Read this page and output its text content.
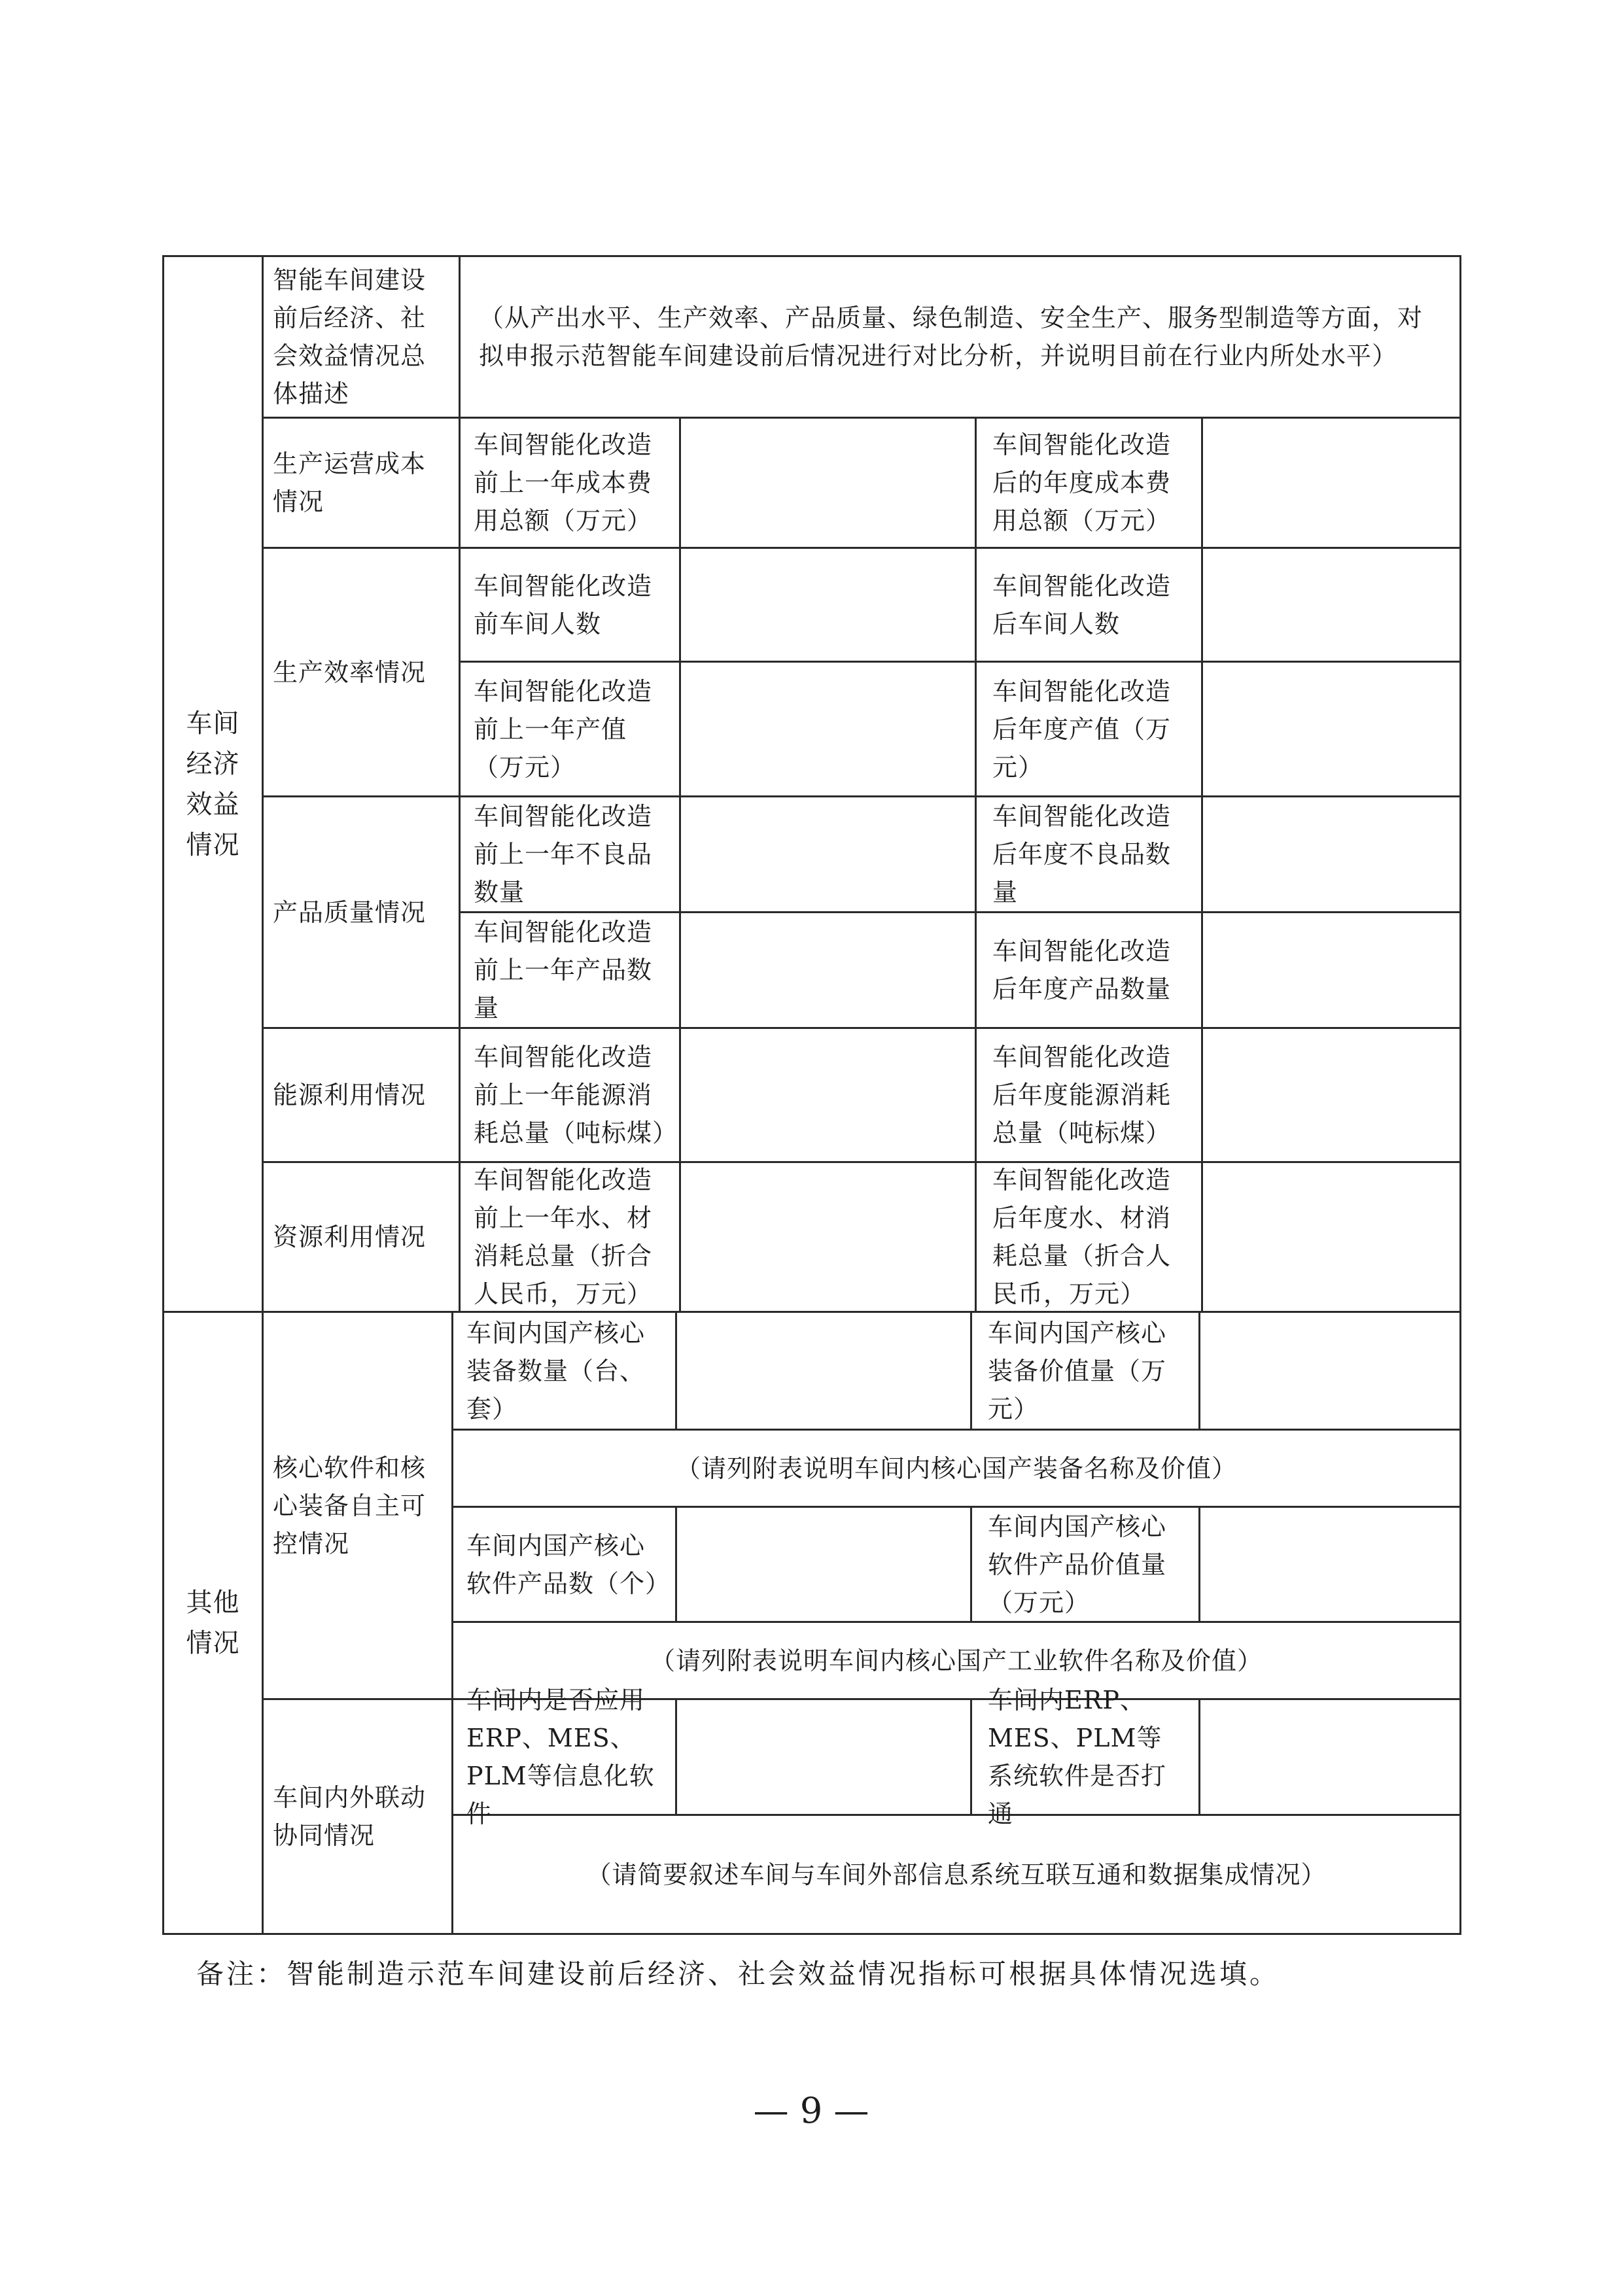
车间
经济
效益
情况
其他
情况
智能车间建设前后经济、社会效益情况总体描述
（从产出水平、生产效率、产品质量、绿色制造、安全生产、服务型制造等方面，对拟申报示范智能车间建设前后情况进行对比分析，并说明目前在行业内所处水平）
生产运营成本情况
车间智能化改造前上一年成本费用总额（万元）
车间智能化改造后的年度成本费用总额（万元）
生产效率情况
车间智能化改造前车间人数
车间智能化改造后车间人数
车间智能化改造前上一年产值（万元）
车间智能化改造后年度产值（万元）
产品质量情况
车间智能化改造前上一年不良品数量
车间智能化改造后年度不良品数量
车间智能化改造前上一年产品数量
车间智能化改造后年度产品数量
能源利用情况
车间智能化改造前上一年能源消耗总量（吨标煤）
车间智能化改造后年度能源消耗总量（吨标煤）
资源利用情况
车间智能化改造前上一年水、材消耗总量（折合人民币，万元）
车间智能化改造后年度水、材消耗总量（折合人民币，万元）
核心软件和核心装备自主可控情况
车间内国产核心装备数量（台、套）
车间内国产核心装备价值量（万元）
（请列附表说明车间内核心国产装备名称及价值）
车间内国产核心软件产品数（个）
车间内国产核心软件产品价值量（万元）
（请列附表说明车间内核心国产工业软件名称及价值）
车间内外联动协同情况
车间内是否应用ERP、MES、PLM等信息化软件
车间内ERP、MES、PLM等系统软件是否打通
（请简要叙述车间与车间外部信息系统互联互通和数据集成情况）
备注：智能制造示范车间建设前后经济、社会效益情况指标可根据具体情况选填。
— 9 —
